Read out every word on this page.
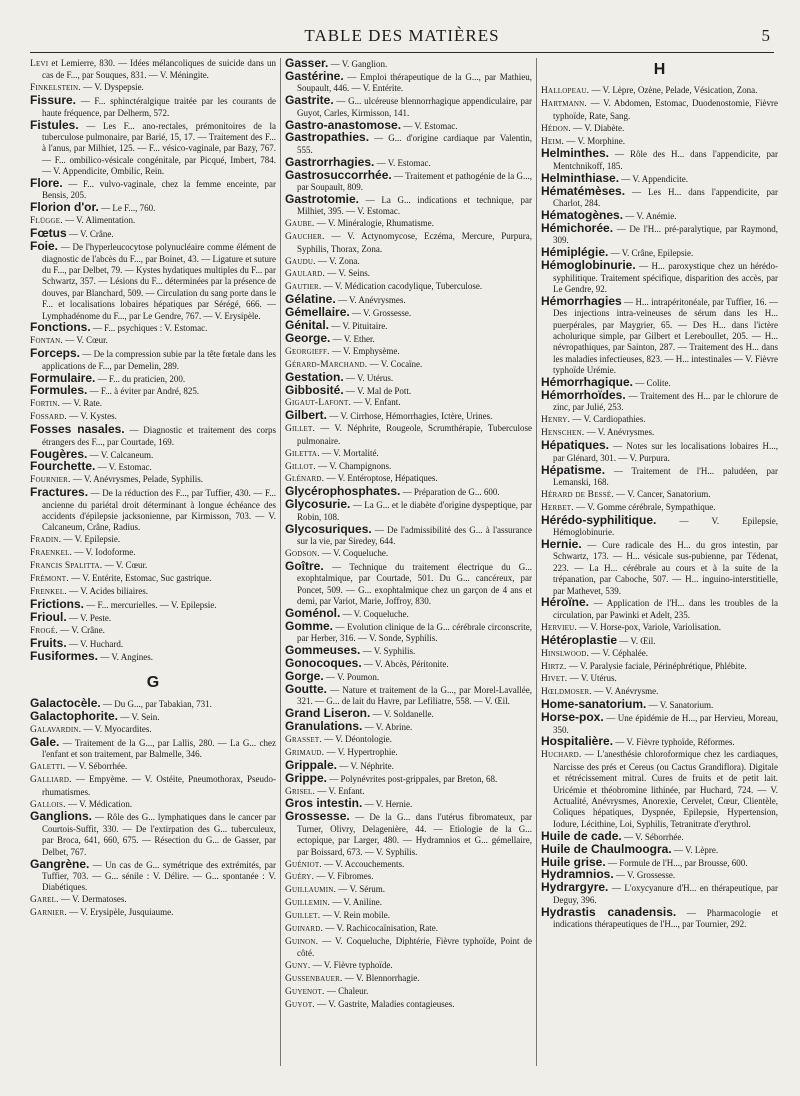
TABLE DES MATIÈRES	5
Levi et Lemierre, 830. — Idées mélancoliques de suicide dans un cas de F..., par Souques, 831. — V. Méningite.
Finkelstein. — V. Dyspepsie.
Fissure. — F... sphinctéralgique traitée par les courants de haute fréquence, par Delherm, 572.
Fistules. — Les F... ano-rectales, prémonitoires de la tuberculose pulmonaire, par Barié, 15, 17. — Traitement des F... à l'anus, par Milhiet, 125. — F... vésico-vaginale, par Bazy, 767. — F... ombilico-vésicale congénitale, par Picqué, Imbert, 784. — V. Appendicite, Ombilic, Rein.
Flore. — F... vulvo-vaginale, chez la femme enceinte, par Bensis, 205.
Florion d'or. — Le F..., 760.
Flügge. — V. Alimentation.
Fœtus — V. Crâne.
Foie. — De l'hyperleucocytose polynucléaire comme élément de diagnostic de l'abcès du F..., par Boinet, 43. — Ligature et suture du F..., par Delbet, 79. — Kystes hydatiques multiples du F... par Schwartz, 357. — Lésions du F... déterminées par la présence de douves, par Blanchard, 509. — Circulation du sang porte dans le F... et localisations lobaires hépatiques par Sérégé, 666. — Lymphadénome du F..., par Le Gendre, 767. — V. Erysipèle.
Fonctions. — F... psychiques : V. Estomac.
Fontan. — V. Cœur.
Forceps. — De la compression subie par la tête fœtale dans les applications de F..., par Demelin, 289.
Formulaire. — F... du praticien, 200.
Formules. — F... à éviter par André, 825.
Fortin. — V. Rate.
Fossard. — V. Kystes.
Fosses nasales. — Diagnostic et traitement des corps étrangers des F..., par Courtade, 169.
Fougères. — V. Calcaneum.
Fourchette. — V. Estomac.
Fournier. — V. Anévrysmes, Pelade, Syphilis.
Fractures. — De la réduction des F..., par Tuffier, 430. — F... ancienne du pariétal droit déterminant à longue échéance des accidents d'épilepsie jacksonienne, par Kirmisson, 703. — V. Calcaneum, Crâne, Radius.
Fradin. — V. Epilepsie.
Fraenkel. — V. Iodoforme.
Francis Spalitta. — V. Cœur.
Frémont. — V. Entérite, Estomac, Suc gastrique.
Frenkel. — V. Acides biliaires.
Frictions. — F... mercurielles. — V. Epilepsie.
Frioul. — V. Peste.
Frogé. — V. Crâne.
Fruits. — V. Huchard.
Fusiformes. — V. Angines.
G
Galactocèle. — Du G..., par Tabakian, 731.
Galactophorite. — V. Sein.
Galavardin. — V. Myocardites.
Gale. — Traitement de la G..., par Lallis, 280. — La G... chez l'enfant et son traitement, par Balmelle, 346.
Galetti. — V. Séborrhée.
Galliard. — Empyème. — V. Ostéite, Pneumothorax, Pseudo-rhumatismes.
Gallois. — V. Médication.
Ganglions. — Rôle des G... lymphatiques dans le cancer par Courtois-Suffit, 330. — De l'extirpation des G... tuberculeux, par Broca, 641, 660, 675. — Résection du G... de Gasser, par Delbet, 767.
Gangrène. — Un cas de G... symétrique des extrémités, par Tuffier, 703. — G... sénile : V. Délire. — G... spontanée : V. Diabétiques.
Garel. — V. Dermatoses.
Garnier. — V. Erysipèle, Jusquiaume.
Gasser. — V. Ganglion.
Gastérine. — Emploi thérapeutique de la G..., par Mathieu, Soupault, 446. — V. Entérite.
Gastrite. — G... ulcéreuse blennorrhagique appendiculaire, par Guyot, Carles, Kirmisson, 141.
Gastro-anastomose. — V. Estomac.
Gastropathies. — G... d'origine cardiaque par Valentin, 555.
Gastrorrhagies. — V. Estomac.
Gastrosuccorrhée. — Traitement et pathogénie de la G..., par Soupault, 809.
Gastrotomie. — La G... indications et technique, par Milhiet, 395. — V. Estomac.
Gaube. — V. Minéralogie, Rhumatisme.
Gaucher. — V. Actynomycose, Eczéma, Mercure, Purpura, Syphilis, Thorax, Zona.
Gaudu. — V. Zona.
Gaulard. — V. Seins.
Gautier. — V. Médication cacodylique, Tuberculose.
Gélatine. — V. Anévrysmes.
Gémellaire. — V. Grossesse.
Génital. — V. Pituitaire.
George. — V. Ether.
Georgieff. — V. Emphysème.
Gérard-Marchand. — V. Cocaïne.
Gestation. — V. Utérus.
Gibbosité. — V. Mal de Pott.
Gigaut-Lafont. — V. Enfant.
Gilbert. — V. Cirrhose, Hémorrhagies, Ictère, Urines.
Gillet. — V. Néphrite, Rougeole, Scrumthérapie, Tuberculose pulmonaire.
Giletta. — V. Mortalité.
Gillot. — V. Champignons.
Glénard. — V. Entéroptose, Hépatiques.
Glycérophosphates. — Préparation de G... 600.
Glycosurie. — La G... et le diabète d'origine dyspeptique, par Robin, 108.
Glycosuriques. — De l'admissibilité des G... à l'assurance sur la vie, par Siredey, 644.
Godson. — V. Coqueluche.
Goître. — Technique du traitement électrique du G... exophtalmique, par Courtade, 501. Du G... cancéreux, par Poncet, 509. — G... exophtalmique chez un garçon de 4 ans et demi, par Variot, Marie, Joffroy, 830.
Goménol. — V. Coqueluche.
Gomme. — Evolution clinique de la G... cérébrale circonscrite, par Herber, 316. — V. Sonde, Syphilis.
Gommeuses. — V. Syphilis.
Gonocoques. — V. Abcès, Péritonite.
Gorge. — V. Poumon.
Goutte. — Nature et traitement de la G..., par Morel-Lavallée, 321. — G... de lait du Havre, par Lefiliatre, 558. — V. Œil.
Grand Liseron. — V. Soldanelle.
Granulations. — V. Abrine.
Grasset. — V. Déontologie.
Grimaud. — V. Hypertrophie.
Grippale. — V. Néphrite.
Grippe. — Polynévrites post-grippales, par Breton, 68.
Grisel. — V. Enfant.
Gros intestin. — V. Hernie.
Grossesse. — De la G... dans l'utérus fibromateux, par Turner, Olivry, Delagenière, 44. — Etiologie de la G... ectopique, par Larger, 480. — Hydramnios et G... gémellaire, par Boissard, 673. — V. Syphilis.
Guéniot. — V. Accouchements.
Guéry. — V. Fibromes.
Guillaumin. — V. Sérum.
Guillemin. — V. Aniline.
Guillet. — V. Rein mobile.
Guinard. — V. Rachicocaïnisation, Rate.
Guinon. — V. Coqueluche, Diphtérie, Fièvre typhoïde, Point de côté.
Guny. — V. Fièvre typhoïde.
Gussenbauer. — V. Blennorrhagie.
Guyenot. — Chaleur.
Guyot. — V. Gastrite, Maladies contagieuses.
H
Hallopeau. — V. Lèpre, Ozène, Pelade, Vésication, Zona.
Hartmann. — V. Abdomen, Estomac, Duodenostomie, Fièvre typhoïde, Rate, Sang.
Hédon. — V. Diabète.
Heim. — V. Morphine.
Helminthes. — Rôle des H... dans l'appendicite, par Mentchnikoff, 185.
Helminthiase. — V. Appendicite.
Hématémèses. — Les H... dans l'appendicite, par Charlot, 284.
Hématogènes. — V. Anémie.
Hémichorée. — De l'H... pré-paralytique, par Raymond, 309.
Hémiplégie. — V. Crâne, Epilepsie.
Hémoglobinurie. — H... paroxystique chez un hérédo-syphilitique. Traitement spécifique, disparition des accès, par Le Gendre, 92.
Hémorrhagies — H... intrapéritonéale, par Tuffier, 16. — Des injections intra-veineuses de sérum dans les H... puerpérales, par Maygrier, 65. — Des H... dans l'ictère acholurique simple, par Gilbert et Lereboullet, 205. — H... névropathiques, par Sainton, 287. — Traitement des H... dans les maladies infectieuses, 823. — H... intestinales — V. Fièvre typhoïde Urémie.
Hémorrhagique. — Colite.
Hémorrhoïdes. — Traitement des H... par le chlorure de zinc, par Julié, 253.
Henry. — V. Cardiopathies.
Henschen. — V. Anévrysmes.
Hépatiques. — Notes sur les localisations lobaires H..., par Glénard, 301. — V. Purpura.
Hépatisme. — Traitement de l'H... paludéen, par Lemanski, 168.
Hérard de Bessé. — V. Cancer, Sanatorium.
Herbet. — V. Gomme cérébrale, Sympathique.
Hérédo-syphilitique.	— V. Epilepsie, Hémoglobinurie.
Hernie. — Cure radicale des H... du gros intestin, par Schwartz, 173. — H... vésicale sus-pubienne, par Tédenat, 223. — La H... cérébrale au cours et à la suite de la trépanation, par Caboche, 507. — H... inguino-interstitielle, par Mathevet, 539.
Héroïne. — Application de l'H... dans les troubles de la circulation, par Pawinki et Adelt, 235.
Hervieu. — V. Horse-pox, Variole, Variolisation.
Hétéroplastie — V. Œil.
Hinslwood. — V. Céphalée.
Hirtz. — V. Paralysie faciale, Périnéphrétique, Phlébite.
Hivet. — V. Utérus.
Hœldmoser. — V. Anévrysme.
Home-sanatorium. — V. Sanatorium.
Horse-pox. — Une épidémie de H..., par Hervieu, Moreau, 350.
Hospitalière. — V. Fièvre typhoïde, Réformes.
Huchard. — L'anesthésie chloroformique chez les cardiaques, Narcisse des prés et Cereus (ou Cactus Grandiflora). Digitale et rétrécissement mitral. Cures de fruits et de petit lait. Uricémie et théobromine lithinée, par Huchard, 724. — V. Actualité, Anévrysmes, Anorexie, Cervelet, Cœur, Clientèle, Coliques hépatiques, Dyspnée, Epilepsie, Hypertension, Iodure, Lécithine, Loi, Syphilis, Tetranitrate d'erythrol.
Huile de cade. — V. Séborrhée.
Huile de Chaulmoogra. — V. Lèpre.
Huile grise. — Formule de l'H..., par Brousse, 600.
Hydramnios. — V. Grossesse.
Hydrargyre. — L'oxycyanure d'H... en thérapeutique, par Deguy, 396.
Hydrastis canadensis. — Pharmacologie et indications thérapeutiques de l'H..., par Tournier, 292.
